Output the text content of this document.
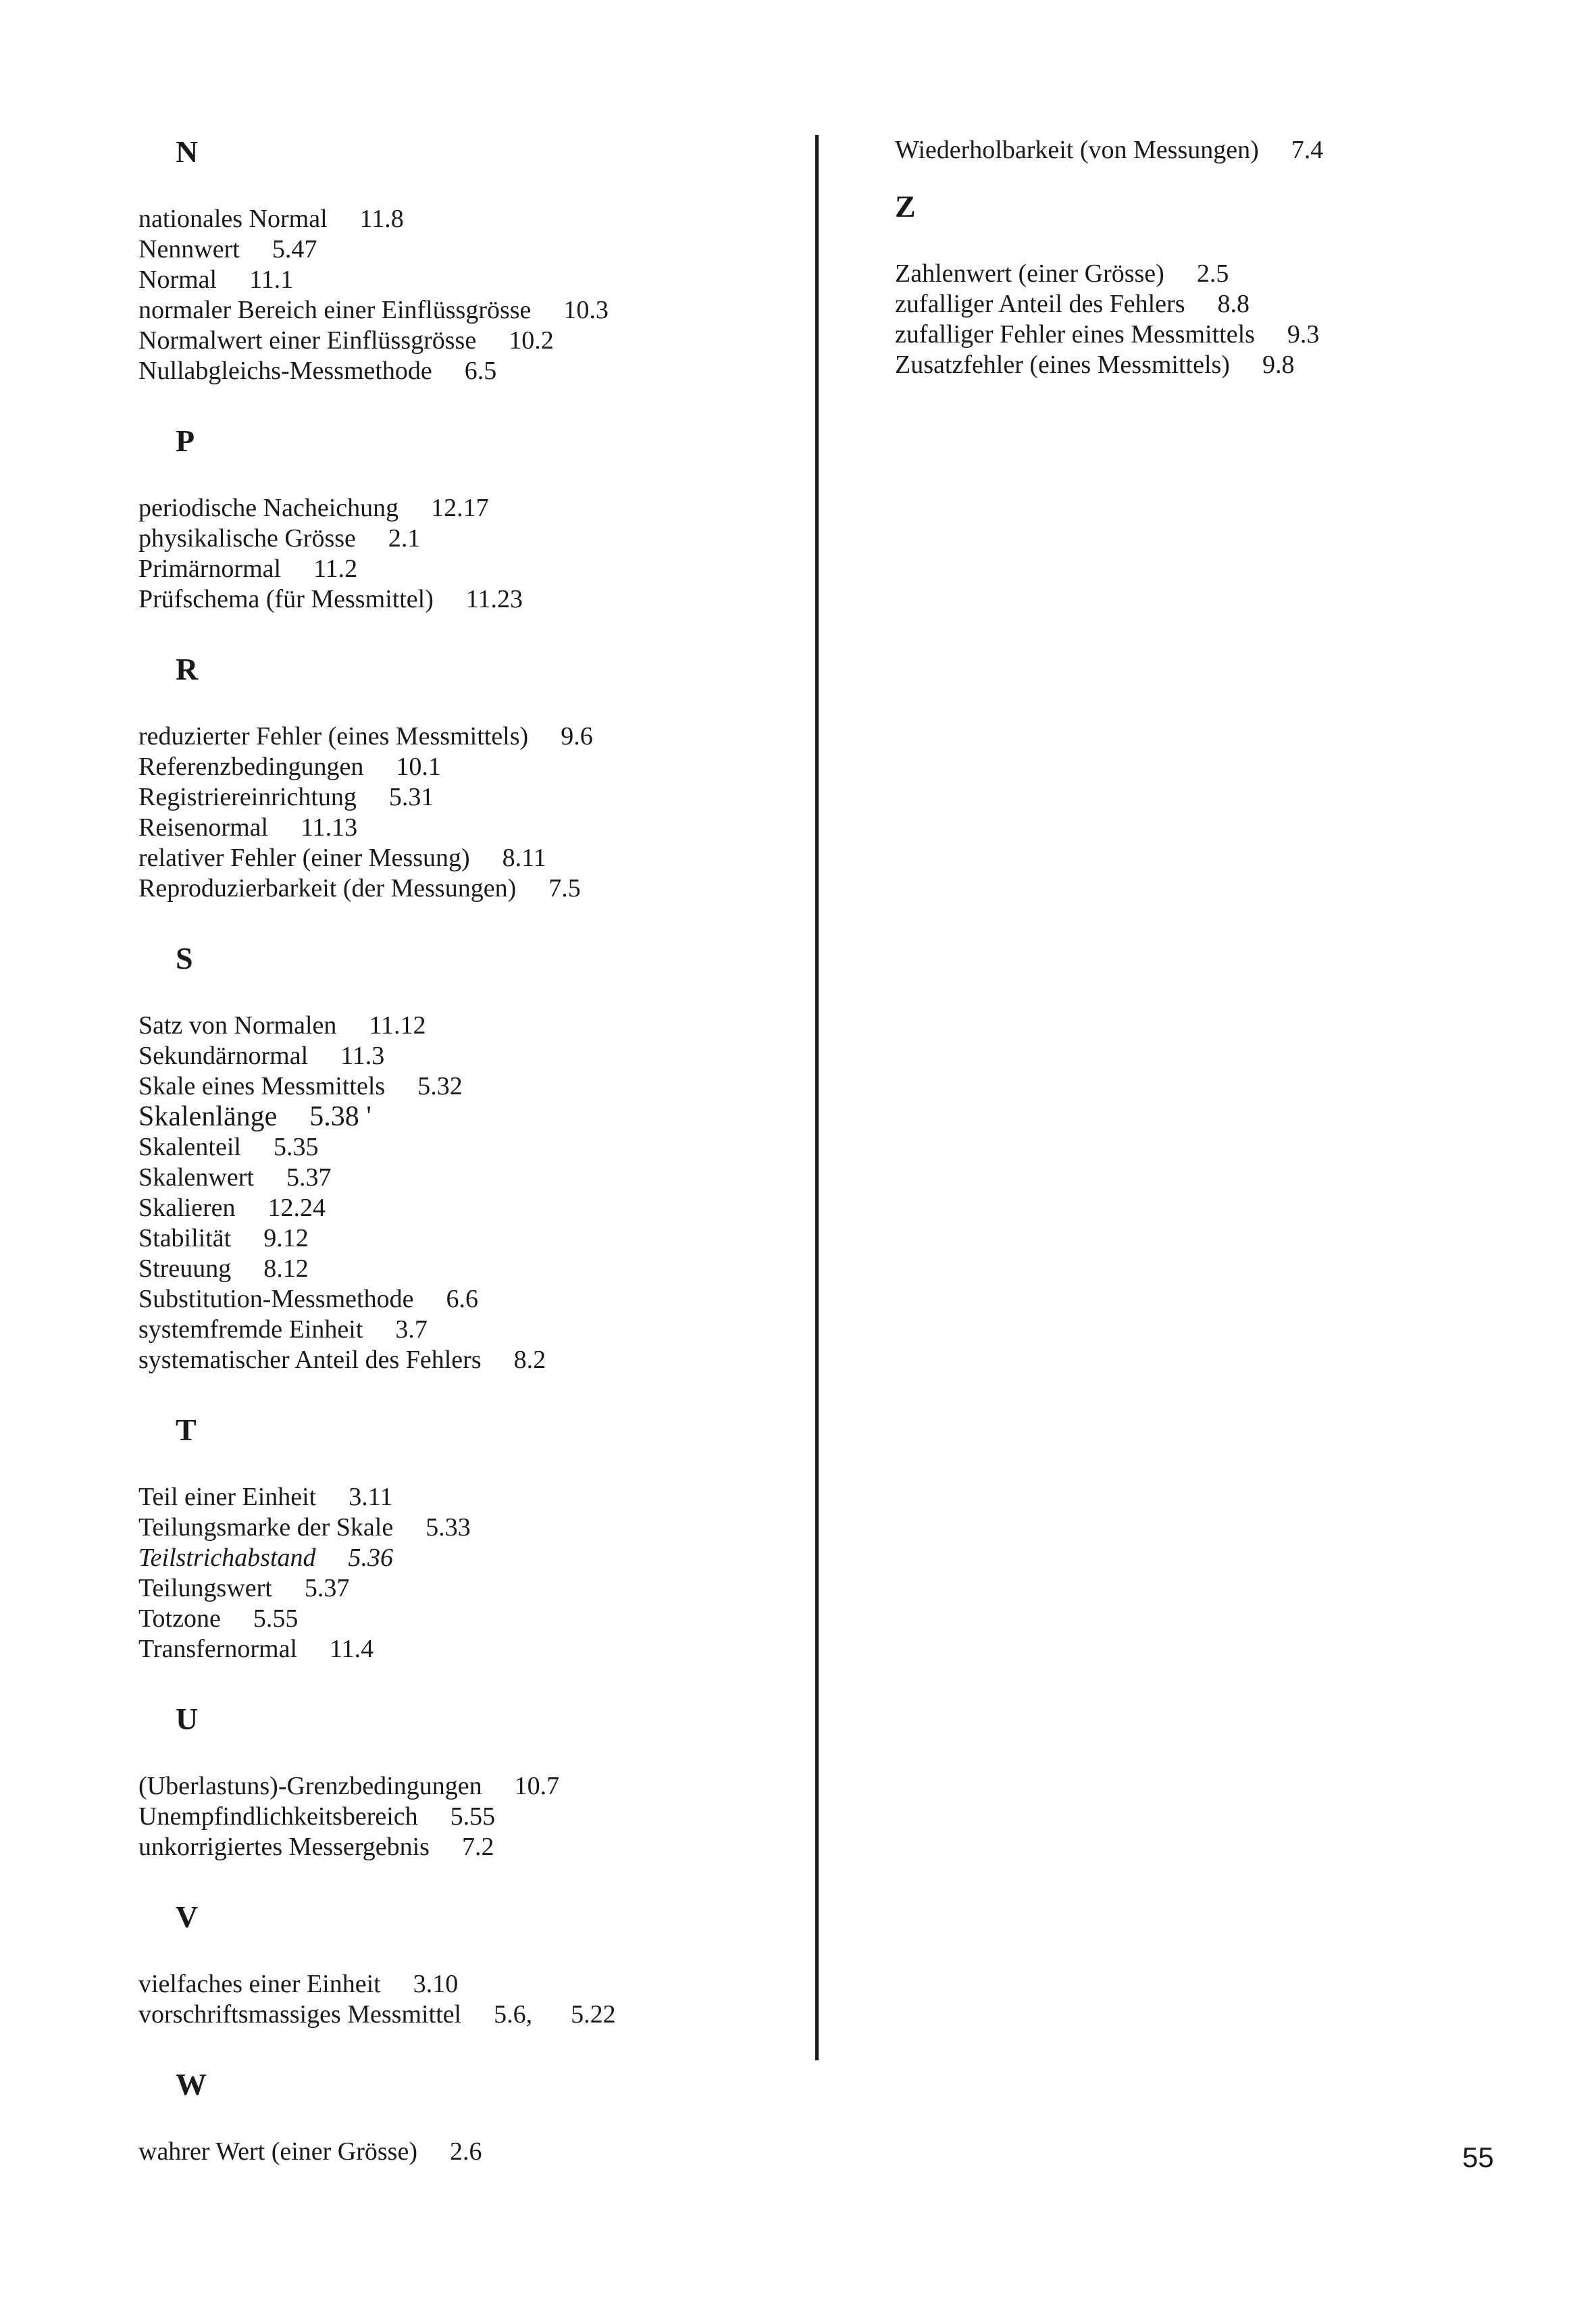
N
nationales Normal 11.8
Nennwert 5.47
Normal 11.1
normaler Bereich einer Einflüssgrösse 10.3
Normalwert einer Einflüssgrösse 10.2
Nullabgleichs-Messmethode 6.5
P
periodische Nacheichung 12.17
physikalische Grösse 2.1
Primärnormal 11.2
Prüfschema (für Messmittel) 11.23
R
reduzierter Fehler (eines Messmittels) 9.6
Referenzbedingungen 10.1
Registriereinrichtung 5.31
Reisenormal 11.13
relativer Fehler (einer Messung) 8.11
Reproduzierbarkeit (der Messungen) 7.5
S
Satz von Normalen 11.12
Sekundärnormal 11.3
Skale eines Messmittels 5.32
Skalenlänge 5.38 '
Skalenteil 5.35
Skalenwert 5.37
Skalieren 12.24
Stabilität 9.12
Streuung 8.12
Substitution-Messmethode 6.6
systemfremde Einheit 3.7
systematischer Anteil des Fehlers 8.2
T
Teil einer Einheit 3.11
Teilungsmarke der Skale 5.33
Teilstrichabstand 5.36
Teilungswert 5.37
Totzone 5.55
Transfernormal 11.4
U
(Uberlastuns)-Grenzbedingungen 10.7
Unempfindlichkeitsbereich 5.55
unkorrigiertes Messergebnis 7.2
V
vielfaches einer Einheit 3.10
vorschriftsmassiges Messmittel 5.6,      5.22
W
wahrer Wert (einer Grösse) 2.6
Wiederholbarkeit (von Messungen) 7.4
Z
Zahlenwert (einer Grösse) 2.5
zufalliger Anteil des Fehlers 8.8
zufalliger Fehler eines Messmittels 9.3
Zusatzfehler (eines Messmittels) 9.8
55
